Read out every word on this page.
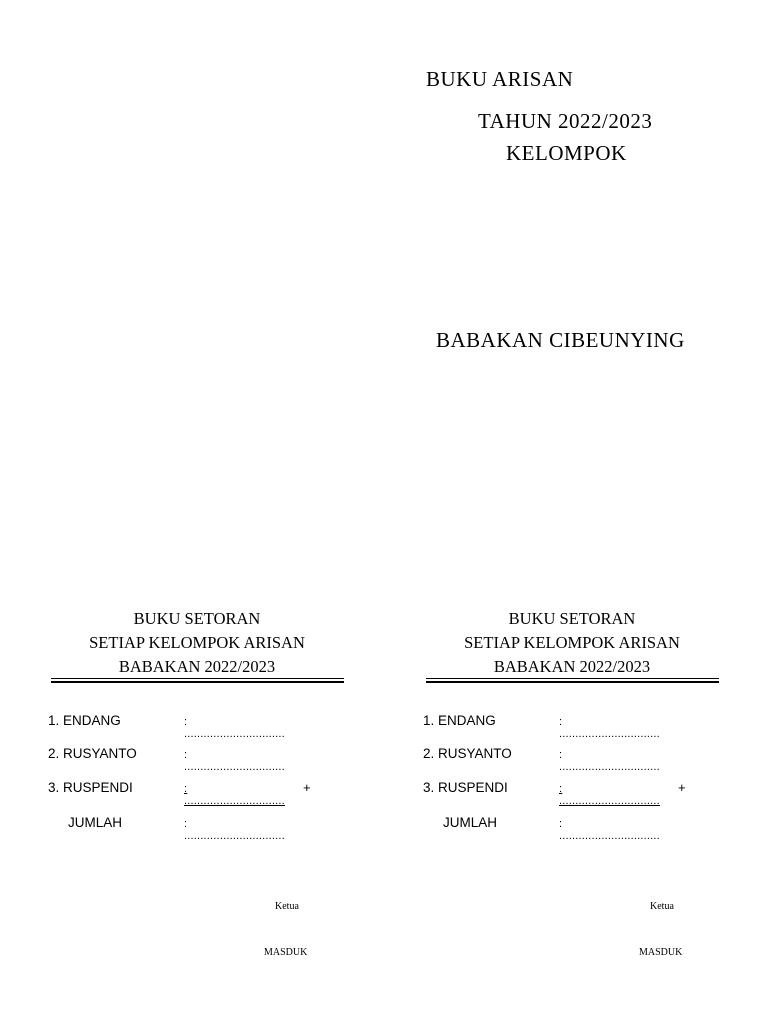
BUKU ARISAN
TAHUN 2022/2023
KELOMPOK
BABAKAN CIBEUNYING
BUKU SETORAN
SETIAP KELOMPOK ARISAN
BABAKAN 2022/2023
1. ENDANG	: ...............................
2. RUSYANTO	: ...............................
3. RUSPENDI	: ...............................
+
JUMLAH	: ...............................
Ketua
MASDUK
BUKU SETORAN
SETIAP KELOMPOK ARISAN
BABAKAN 2022/2023
1. ENDANG	: ...............................
2. RUSYANTO	: ...............................
3. RUSPENDI	: ...............................
+
JUMLAH	: ...............................
Ketua
MASDUK
